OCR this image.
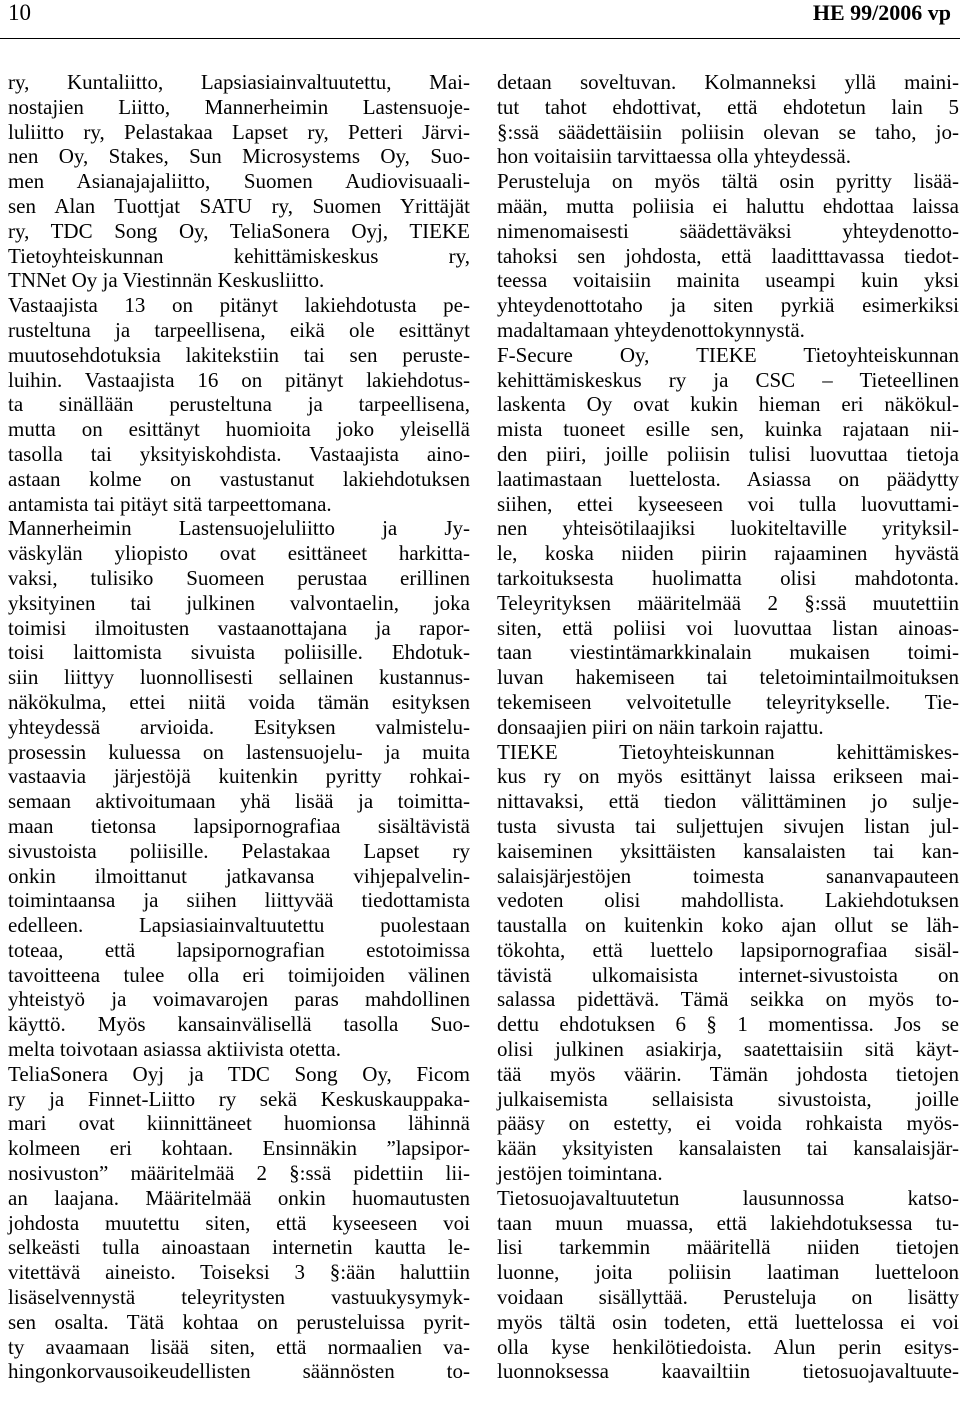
10	HE 99/2006 vp
ry, Kuntaliitto, Lapsiasiainvaltuutettu, Mai-
nostajien Liitto, Mannerheimin Lastensuoje-
luliitto ry, Pelastakaa Lapset ry, Petteri Järvi-
nen Oy, Stakes, Sun Microsystems Oy, Suo-
men Asianajajaliitto, Suomen Audiovisuaali-
sen Alan Tuottjat SATU ry, Suomen Yrittäjät
ry, TDC Song Oy, TeliaSonera Oyj, TIEKE
Tietoyhteiskunnan kehittämiskeskus ry,
TNNet Oy ja Viestinnän Keskusliitto.
Vastaajista 13 on pitänyt lakiehdotusta pe-
rusteltuna ja tarpeellisena, eikä ole esittänyt
muutosehdotuksia lakitekstiin tai sen peruste-
luihin. Vastaajista 16 on pitänyt lakiehdotus-
ta sinällään perusteltuna ja tarpeellisena,
mutta on esittänyt huomioita joko yleisellä
tasolla tai yksityiskohdista. Vastaajista aino-
astaan kolme on vastustanut lakiehdotuksen
antamista tai pitäyt sitä tarpeettomana.
Mannerheimin Lastensuojeluliitto ja Jy-
väskylän yliopisto ovat esittäneet harkitta-
vaksi, tulisiko Suomeen perustaa erillinen
yksityinen tai julkinen valvontaelin, joka
toimisi ilmoitusten vastaanottajana ja rapor-
toisi laittomista sivuista poliisille. Ehdotuk-
siin liittyy luonnollisesti sellainen kustannus-
näkökulma, ettei niitä voida tämän esityksen
yhteydessä arvioida. Esityksen valmistelu-
prosessin kuluessa on lastensuojelu- ja muita
vastaavia järjestöjä kuitenkin pyritty rohkai-
semaan aktivoitumaan yhä lisää ja toimitta-
maan tietonsa lapsipornografiaa sisältävistä
sivustoista poliisille. Pelastakaa Lapset ry
onkin ilmoittanut jatkavansa vihjepalvelin-
toimintaansa ja siihen liittyvää tiedottamista
edelleen. Lapsiasiainvaltuutettu puolestaan
toteaa, että lapsipornografian estotoimissa
tavoitteena tulee olla eri toimijoiden välinen
yhteistyö ja voimavarojen paras mahdollinen
käyttö. Myös kansainvälisellä tasolla Suo-
melta toivotaan asiassa aktiivista otetta.
TeliaSonera Oyj ja TDC Song Oy, Ficom
ry ja Finnet-Liitto ry sekä Keskuskauppaka-
mari ovat kiinnittäneet huomionsa lähinnä
kolmeen eri kohtaan. Ensinnäkin ”lapsipor-
nosivuston” määritelmää 2 §:ssä pidettiin lii-
an laajana. Määritelmää onkin huomautusten
johdosta muutettu siten, että kyseeseen voi
selkeästi tulla ainoastaan internetin kautta le-
vitettävä aineisto. Toiseksi 3 §:ään haluttiin
lisäselvennystä teleyritysten vastuukysymyk-
sen osalta. Tätä kohtaa on perusteluissa pyrit-
ty avaamaan lisää siten, että normaalien va-
hingonkorvausoikeudellisten säännösten to-
detaan soveltuvan. Kolmanneksi yllä maini-
tut tahot ehdottivat, että ehdotetun lain 5
§:ssä säädettäisiin poliisin olevan se taho, jo-
hon voitaisiin tarvittaessa olla yhteydessä.
Perusteluja on myös tältä osin pyritty lisää-
mään, mutta poliisia ei haluttu ehdottaa laissa
nimenomaisesti säädettäväksi yhteydenotto-
tahoksi sen johdosta, että laaditttavassa tiedot-
teessa voitaisiin mainita useampi kuin yksi
yhteydenottotaho ja siten pyrkiä esimerkiksi
madaltamaan yhteydenottokynnystä.
F-Secure Oy, TIEKE Tietoyhteiskunnan
kehittämiskeskus ry ja CSC – Tieteellinen
laskenta Oy ovat kukin hieman eri näkökul-
mista tuoneet esille sen, kuinka rajataan nii-
den piiri, joille poliisin tulisi luovuttaa tietoja
laatimastaan luettelosta. Asiassa on päädytty
siihen, ettei kyseeseen voi tulla luovuttami-
nen yhteisötilaajiksi luokiteltaville yrityksil-
le, koska niiden piirin rajaaminen hyvästä
tarkoituksesta huolimatta olisi mahdotonta.
Teleyrityksen määritelmää 2 §:ssä muutettiin
siten, että poliisi voi luovuttaa listan ainoas-
taan viestintämarkkinalain mukaisen toimi-
luvan hakemiseen tai teletoimintailmoituksen
tekemiseen velvoitetulle teleyritykselle. Tie-
donsaajien piiri on näin tarkoin rajattu.
TIEKE Tietoyhteiskunnan kehittämiskes-
kus ry on myös esittänyt laissa erikseen mai-
nittavaksi, että tiedon välittäminen jo sulje-
tusta sivusta tai suljettujen sivujen listan jul-
kaiseminen yksittäisten kansalaisten tai kan-
salaisjärjestöjen toimesta sananvapauteen
vedoten olisi mahdollista. Lakiehdotuksen
taustalla on kuitenkin koko ajan ollut se läh-
tökohta, että luettelo lapsipornografiaa sisäl-
tävistä ulkomaisista internet-sivustoista on
salassa pidettävä. Tämä seikka on myös to-
dettu ehdotuksen 6 § 1 momentissa. Jos se
olisi julkinen asiakirja, saatettaisiin sitä käyt-
tää myös väärin. Tämän johdosta tietojen
julkaisemista sellaisista sivustoista, joille
pääsy on estetty, ei voida rohkaista myös-
kään yksityisten kansalaisten tai kansalaisjär-
jestöjen toimintana.
Tietosuojavaltuutetun lausunnossa katso-
taan muun muassa, että lakiehdotuksessa tu-
lisi tarkemmin määritellä niiden tietojen
luonne, joita poliisin laatiman luetteloon
voidaan sisällyttää. Perusteluja on lisätty
myös tältä osin todeten, että luettelossa ei voi
olla kyse henkilötiedoista. Alun perin esitys-
luonnoksessa kaavailtiin tietosuojavaltuute-
